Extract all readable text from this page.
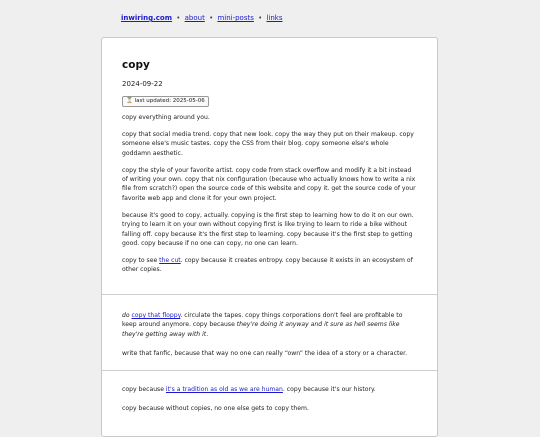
inwiring.com • about • mini-posts • links
copy
2024-09-22
⏳ last updated: 2025-05-06

copy everything around you.

copy that social media trend. copy that new look. copy the way they put on their makeup. copy someone else's music tastes. copy the CSS from their blog. copy someone else's whole goddamn aesthetic.

copy the style of your favorite artist. copy code from stack overflow and modify it a bit instead of writing your own. copy that nix configuration (because who actually knows how to write a nix file from scratch?) open the source code of this website and copy it. get the source code of your favorite web app and clone it for your own project.

because it's good to copy, actually. copying is the first step to learning how to do it on our own. trying to learn it on your own without copying first is like trying to learn to ride a bike without falling off. copy because it's the first step to learning. copy because it's the first step to getting good. copy because if no one can copy, no one can learn.

copy to see the cut. copy because it creates entropy. copy because it exists in an ecosystem of other copies.

do copy that floppy. circulate the tapes. copy things corporations don't feel are profitable to keep around anymore. copy because they're doing it anyway and it sure as hell seems like they're getting away with it.

write that fanfic, because that way no one can really “own” the idea of a story or a character.

copy because it's a tradition as old as we are human. copy because it's our history.

copy because without copies, no one else gets to copy them.
